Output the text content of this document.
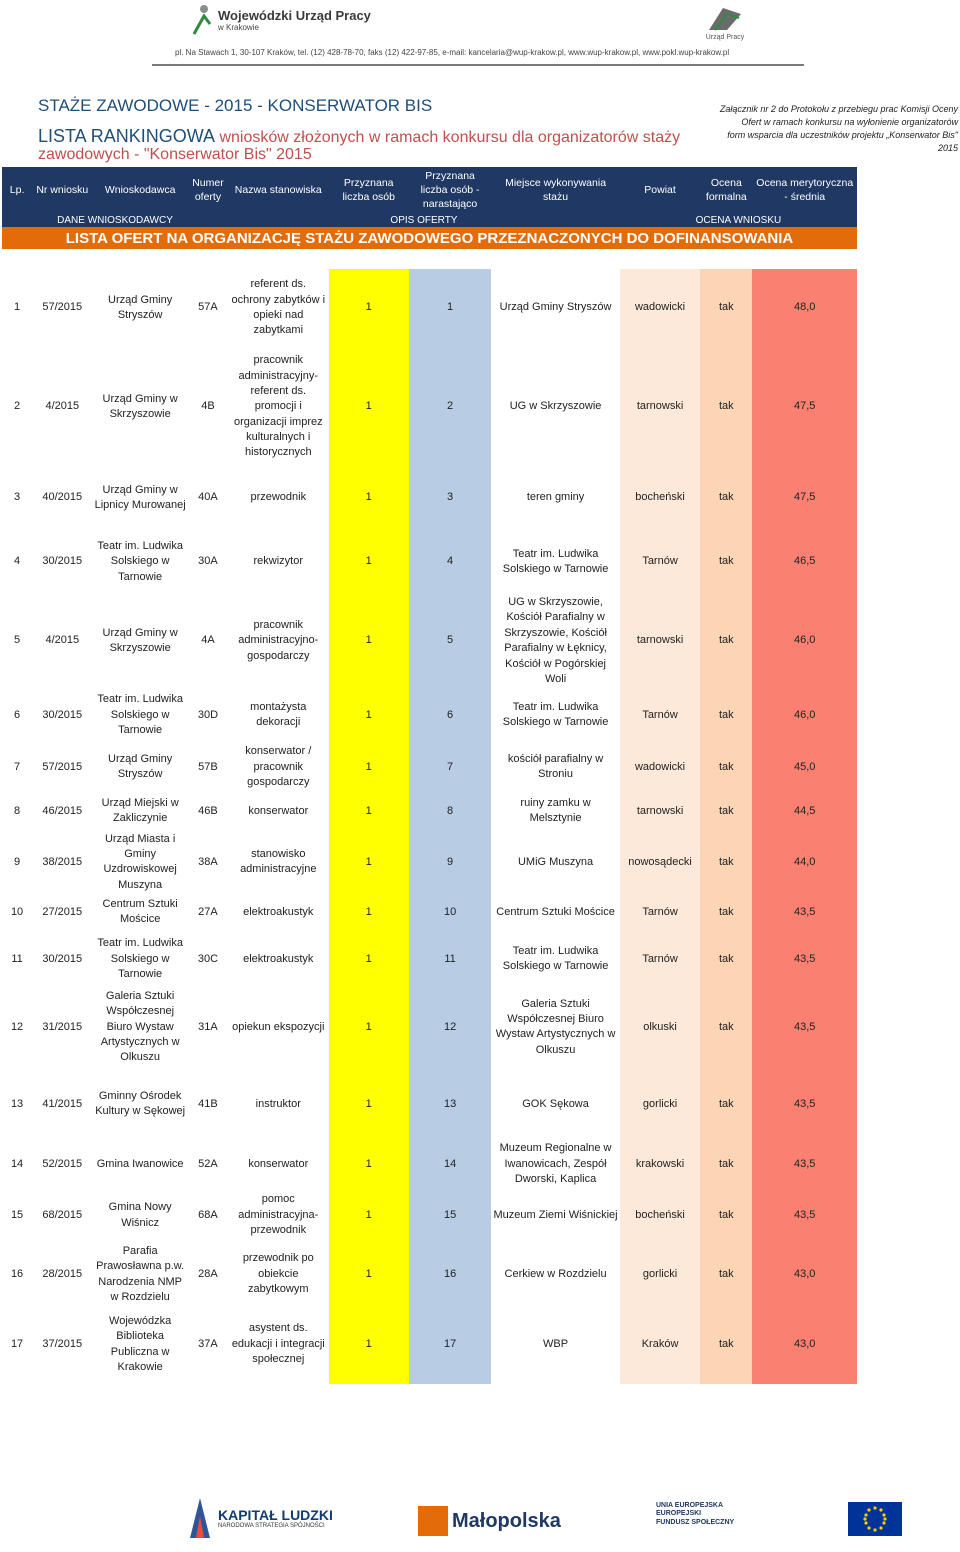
Wojewódzki Urząd Pracy
w Krakowie
Urząd Pracy
pl. Na Stawach 1, 30-107 Kraków, tel. (12) 428-78-70, faks (12) 422-97-85, e-mail: kancelaria@wup-krakow.pl, www.wup-krakow.pl, www.pokl.wup-krakow.pl
STAŻE ZAWODOWE - 2015 - KONSERWATOR BIS
LISTA RANKINGOWA wniosków złożonych w ramach konkursu dla organizatorów staży
zawodowych - "Konserwator Bis" 2015
Załącznik nr 2 do Protokołu z przebiegu prac Komisji Oceny
Ofert w ramach konkursu na wyłonienie organizatorów
form wsparcia dla uczestników projektu „Konserwator Bis"
2015
Lp.	Nr wniosku	Wnioskodawca	Numer oferty	Nazwa stanowiska	Przyznana liczba osób	Przyznana liczba osób - narastająco	Miejsce wykonywania stażu	Powiat	Ocena formalna	Ocena merytoryczna - średnia
DANE WNIOSKODAWCY				OPIS OFERTY				OCENA WNIOSKU		
LISTA OFERT NA ORGANIZACJĘ STAŻU ZAWODOWEGO PRZEZNACZONYCH DO DOFINANSOWANIA										

1	57/2015	Urząd Gminy Stryszów	57A	referent ds. ochrony zabytków i opieki nad zabytkami	1	1	Urząd Gminy Stryszów	wadowicki	tak	48,0
2	4/2015	Urząd Gminy w Skrzyszowie	4B	pracownik administracyjny-referent ds. promocji i organizacji imprez kulturalnych i historycznych	1	2	UG w Skrzyszowie	tarnowski	tak	47,5
3	40/2015	Urząd Gminy w Lipnicy Murowanej	40A	przewodnik	1	3	teren gminy	bocheński	tak	47,5
4	30/2015	Teatr im. Ludwika Solskiego w Tarnowie	30A	rekwizytor	1	4	Teatr im. Ludwika Solskiego w Tarnowie	Tarnów	tak	46,5
5	4/2015	Urząd Gminy w Skrzyszowie	4A	pracownik administracyjno-gospodarczy	1	5	UG w Skrzyszowie, Kościół Parafialny w Skrzyszowie, Kościół Parafialny w Łęknicy, Kościół w Pogórskiej Woli	tarnowski	tak	46,0
6	30/2015	Teatr im. Ludwika Solskiego w Tarnowie	30D	montażysta dekoracji	1	6	Teatr im. Ludwika Solskiego w Tarnowie	Tarnów	tak	46,0
7	57/2015	Urząd Gminy Stryszów	57B	konserwator / pracownik gospodarczy	1	7	kościół parafialny w Stroniu	wadowicki	tak	45,0
8	46/2015	Urząd Miejski w Zakliczynie	46B	konserwator	1	8	ruiny zamku w Melsztynie	tarnowski	tak	44,5
9	38/2015	Urząd Miasta i Gminy Uzdrowiskowej Muszyna	38A	stanowisko administracyjne	1	9	UMiG Muszyna	nowosądecki	tak	44,0
10	27/2015	Centrum Sztuki Mościce	27A	elektroakustyk	1	10	Centrum Sztuki Mościce	Tarnów	tak	43,5
11	30/2015	Teatr im. Ludwika Solskiego w Tarnowie	30C	elektroakustyk	1	11	Teatr im. Ludwika Solskiego w Tarnowie	Tarnów	tak	43,5
12	31/2015	Galeria Sztuki Współczesnej Biuro Wystaw Artystycznych w Olkuszu	31A	opiekun ekspozycji	1	12	Galeria Sztuki Współczesnej Biuro Wystaw Artystycznych w Olkuszu	olkuski	tak	43,5
13	41/2015	Gminny Ośrodek Kultury w Sękowej	41B	instruktor	1	13	GOK Sękowa	gorlicki	tak	43,5
14	52/2015	Gmina Iwanowice	52A	konserwator	1	14	Muzeum Regionalne w Iwanowicach, Zespół Dworski, Kaplica	krakowski	tak	43,5
15	68/2015	Gmina Nowy Wiśnicz	68A	pomoc administracyjna-przewodnik	1	15	Muzeum Ziemi Wiśnickiej	bocheński	tak	43,5
16	28/2015	Parafia Prawosławna p.w. Narodzenia NMP w Rozdzielu	28A	przewodnik po obiekcie zabytkowym	1	16	Cerkiew w Rozdzielu	gorlicki	tak	43,0
17	37/2015	Wojewódzka Biblioteka Publiczna w Krakowie	37A	asystent ds. edukacji i integracji społecznej	1	17	WBP	Kraków	tak	43,0
KAPITAŁ LUDZKI
NARODOWA STRATEGIA SPÓJNOŚCI	Małopolska
UNIA EUROPEJSKA
EUROPEJSKI
FUNDUSZ SPOŁECZNY
